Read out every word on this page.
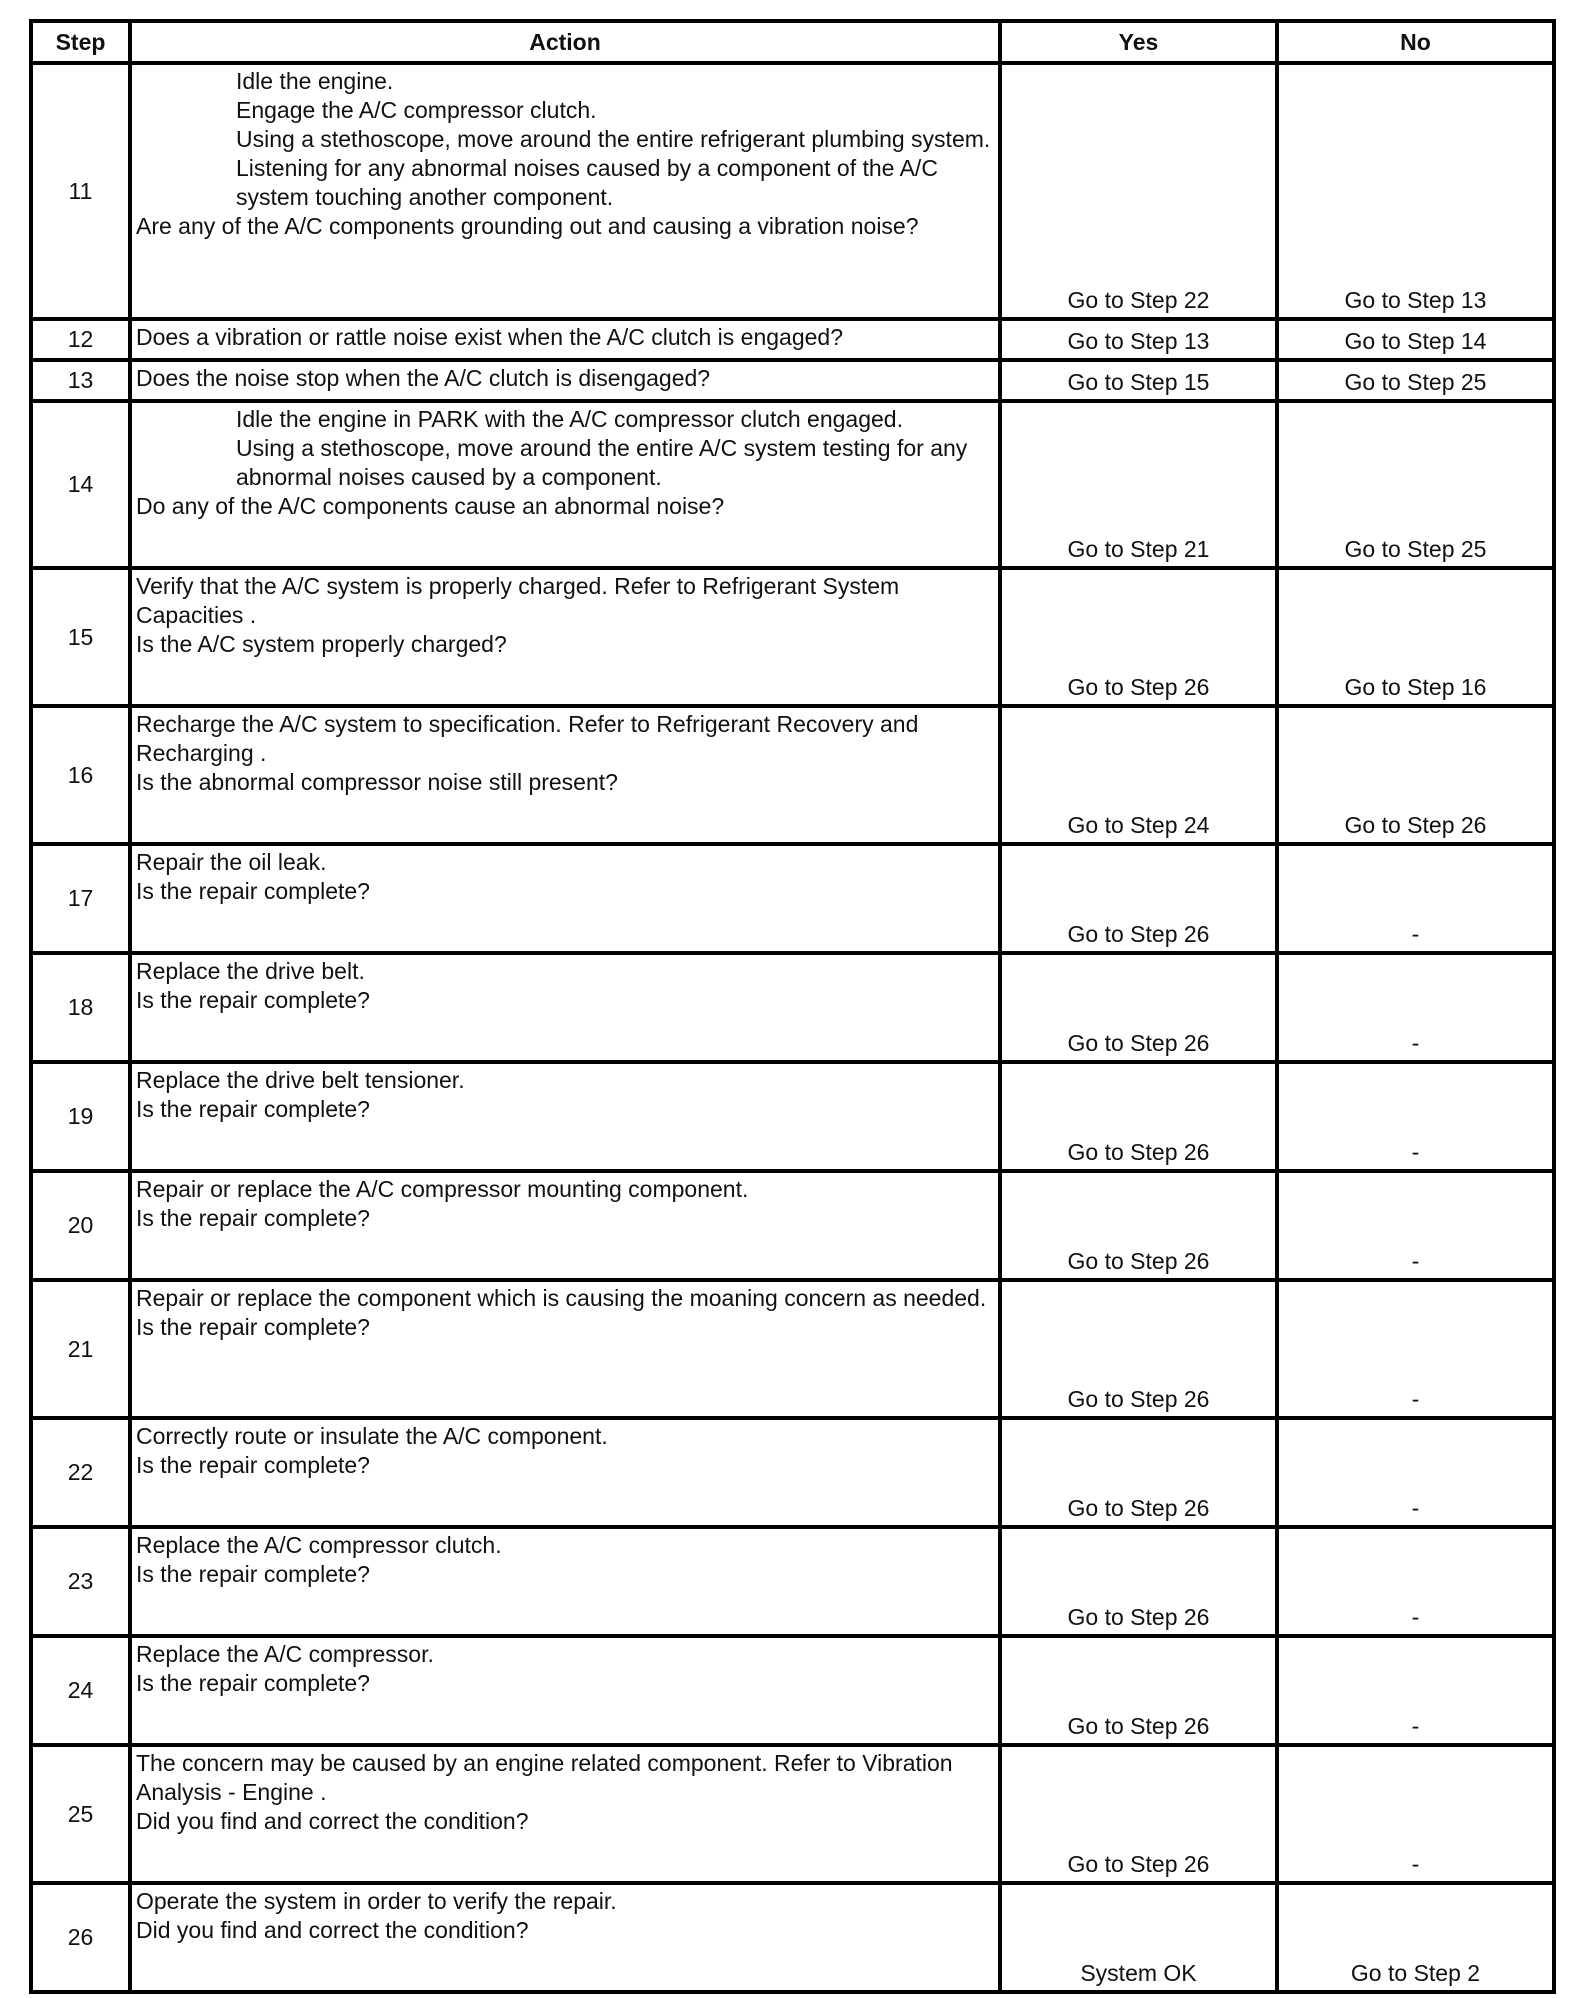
Step	Action	Yes	No
11	Idle the engine.
Engage the A/C compressor clutch.
Using a stethoscope, move around the entire refrigerant plumbing system. Listening for any abnormal noises caused by a component of the A/C system touching another component.
Are any of the A/C components grounding out and causing a vibration noise?	Go to Step 22	Go to Step 13
12	Does a vibration or rattle noise exist when the A/C clutch is engaged?	Go to Step 13	Go to Step 14
13	Does the noise stop when the A/C clutch is disengaged?	Go to Step 15	Go to Step 25
14	Idle the engine in PARK with the A/C compressor clutch engaged.
Using a stethoscope, move around the entire A/C system testing for any abnormal noises caused by a component.
Do any of the A/C components cause an abnormal noise?	Go to Step 21	Go to Step 25
15	Verify that the A/C system is properly charged. Refer to Refrigerant System Capacities .
Is the A/C system properly charged?	Go to Step 26	Go to Step 16
16	Recharge the A/C system to specification. Refer to Refrigerant Recovery and Recharging .
Is the abnormal compressor noise still present?	Go to Step 24	Go to Step 26
17	Repair the oil leak.
Is the repair complete?	Go to Step 26	-
18	Replace the drive belt.
Is the repair complete?	Go to Step 26	-
19	Replace the drive belt tensioner.
Is the repair complete?	Go to Step 26	-
20	Repair or replace the A/C compressor mounting component.
Is the repair complete?	Go to Step 26	-
21	Repair or replace the component which is causing the moaning concern as needed.
Is the repair complete?	Go to Step 26	-
22	Correctly route or insulate the A/C component.
Is the repair complete?	Go to Step 26	-
23	Replace the A/C compressor clutch.
Is the repair complete?	Go to Step 26	-
24	Replace the A/C compressor.
Is the repair complete?	Go to Step 26	-
25	The concern may be caused by an engine related component. Refer to Vibration Analysis - Engine .
Did you find and correct the condition?	Go to Step 26	-
26	Operate the system in order to verify the repair.
Did you find and correct the condition?	System OK	Go to Step 2
